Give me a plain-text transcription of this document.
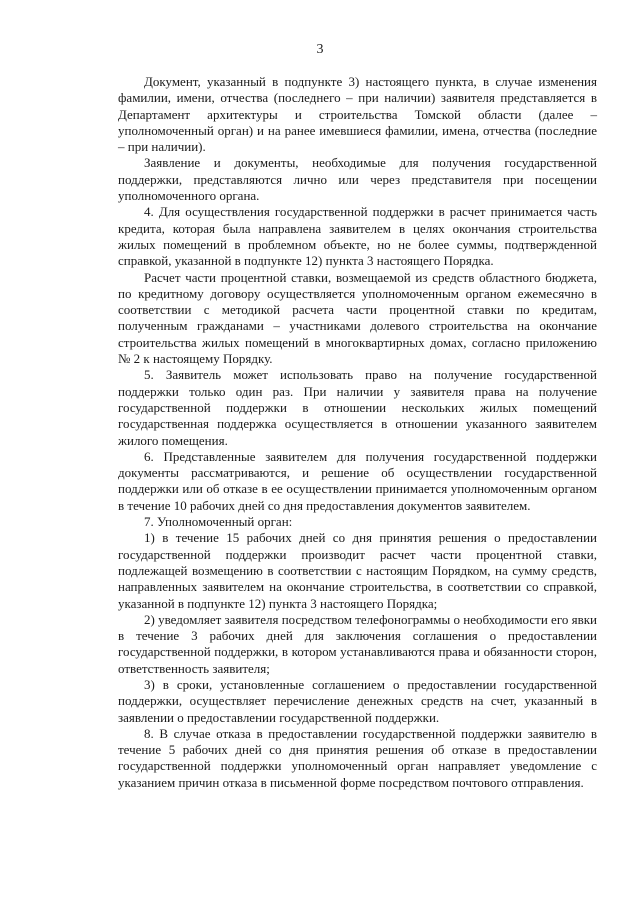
3

Документ, указанный в подпункте 3) настоящего пункта, в случае изменения фамилии, имени, отчества (последнего – при наличии) заявителя представляется в Департамент архитектуры и строительства Томской области (далее – уполномоченный орган) и на ранее имевшиеся фамилии, имена, отчества (последние – при наличии).

Заявление и документы, необходимые для получения государственной поддержки, представляются лично или через представителя при посещении уполномоченного органа.

4. Для осуществления государственной поддержки в расчет принимается часть кредита, которая была направлена заявителем в целях окончания строительства жилых помещений в проблемном объекте, но не более суммы, подтвержденной справкой, указанной в подпункте 12) пункта 3 настоящего Порядка.

Расчет части процентной ставки, возмещаемой из средств областного бюджета, по кредитному договору осуществляется уполномоченным органом ежемесячно в соответствии с методикой расчета части процентной ставки по кредитам, полученным гражданами – участниками долевого строительства на окончание строительства жилых помещений в многоквартирных домах, согласно приложению № 2 к настоящему Порядку.

5. Заявитель может использовать право на получение государственной поддержки только один раз. При наличии у заявителя права на получение государственной поддержки в отношении нескольких жилых помещений государственная поддержка осуществляется в отношении указанного заявителем жилого помещения.

6. Представленные заявителем для получения государственной поддержки документы рассматриваются, и решение об осуществлении государственной поддержки или об отказе в ее осуществлении принимается уполномоченным органом в течение 10 рабочих дней со дня предоставления документов заявителем.

7. Уполномоченный орган:

1) в течение 15 рабочих дней со дня принятия решения о предоставлении государственной поддержки производит расчет части процентной ставки, подлежащей возмещению в соответствии с настоящим Порядком, на сумму средств, направленных заявителем на окончание строительства, в соответствии со справкой, указанной в подпункте 12) пункта 3 настоящего Порядка;

2) уведомляет заявителя посредством телефонограммы о необходимости его явки в течение 3 рабочих дней для заключения соглашения о предоставлении государственной поддержки, в котором устанавливаются права и обязанности сторон, ответственность заявителя;

3) в сроки, установленные соглашением о предоставлении государственной поддержки, осуществляет перечисление денежных средств на счет, указанный в заявлении о предоставлении государственной поддержки.

8. В случае отказа в предоставлении государственной поддержки заявителю в течение 5 рабочих дней со дня принятия решения об отказе в предоставлении государственной поддержки уполномоченный орган направляет уведомление с указанием причин отказа в письменной форме посредством почтового отправления.
